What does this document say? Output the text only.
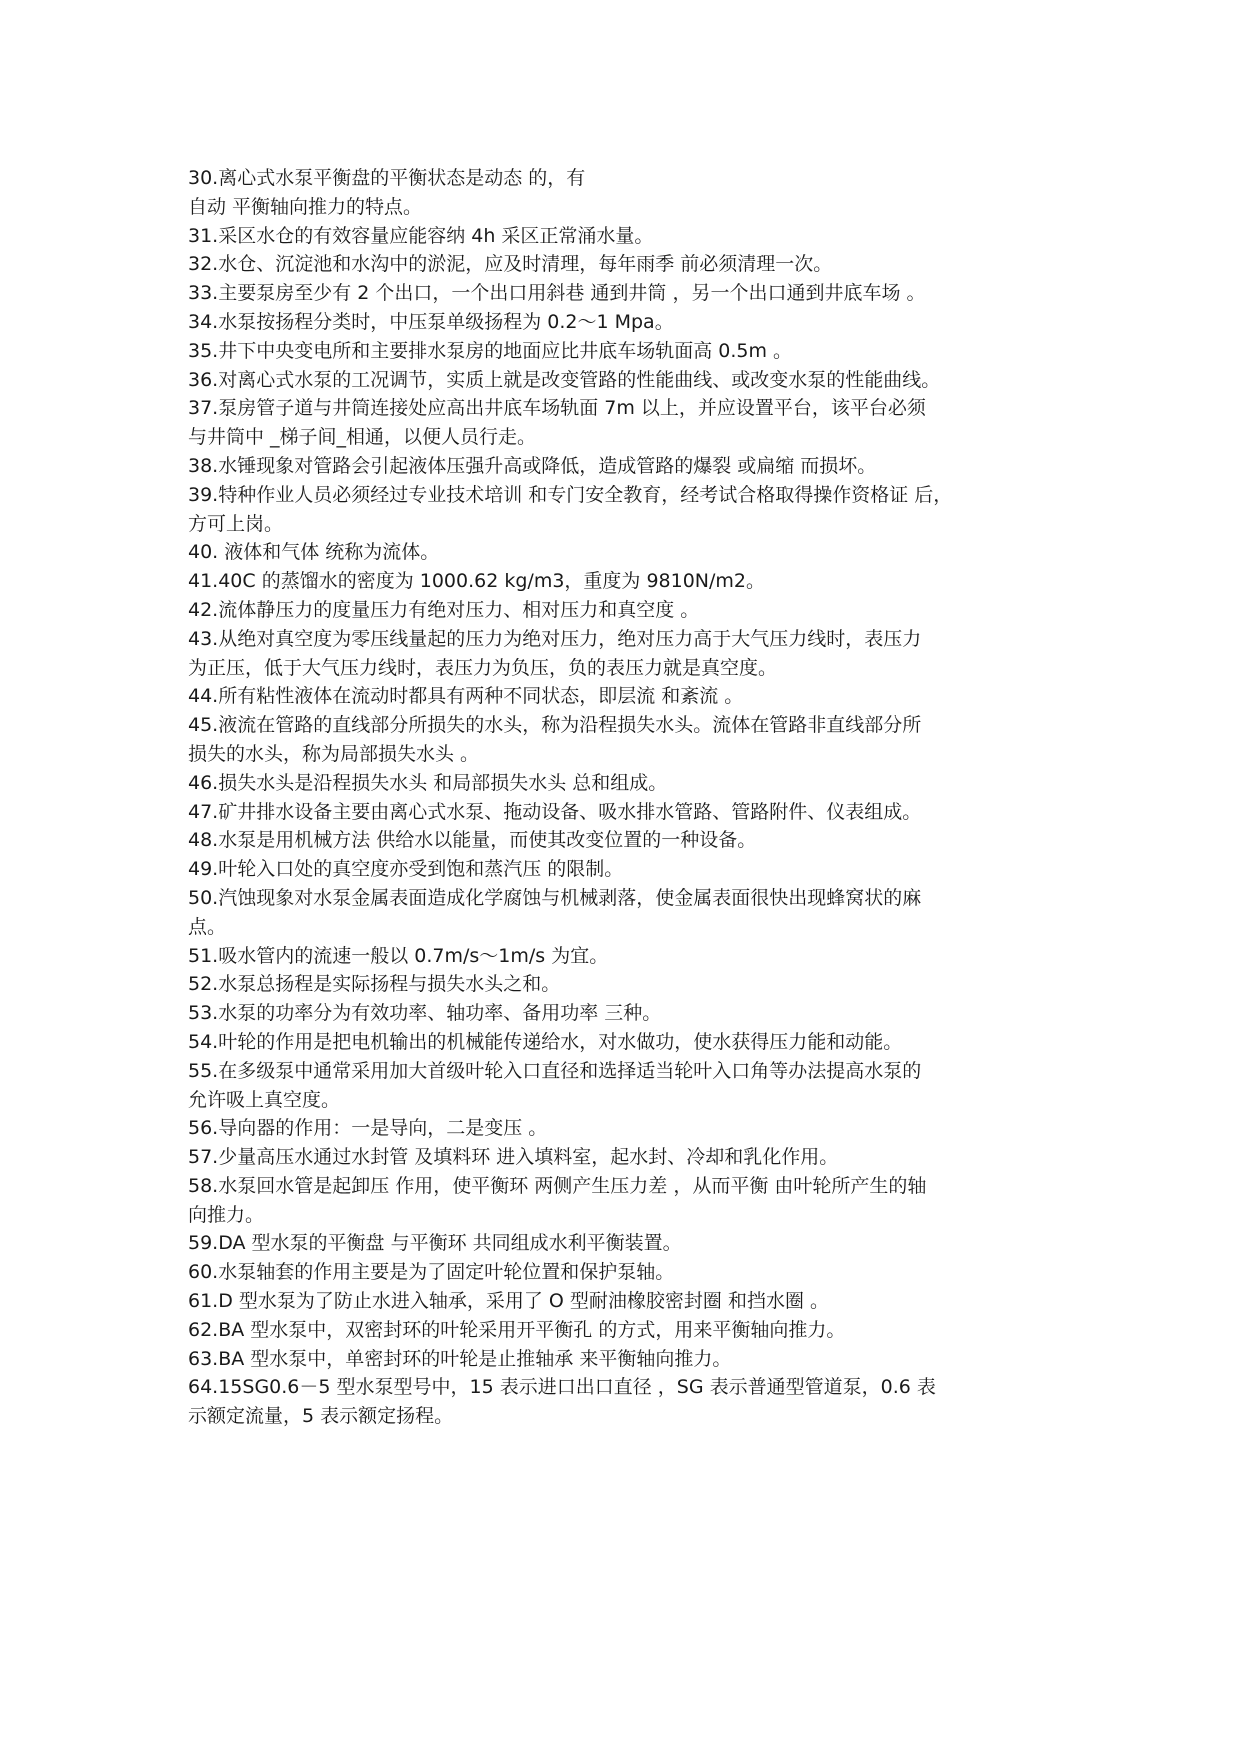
30.离心式水泵平衡盘的平衡状态是动态 的，有
自动 平衡轴向推力的特点。
31.采区水仓的有效容量应能容纳 4h 采区正常涌水量。
32.水仓、沉淀池和水沟中的淤泥，应及时清理，每年雨季 前必须清理一次。
33.主要泵房至少有 2 个出口，一个出口用斜巷 通到井筒 ，另一个出口通到井底车场 。
34.水泵按扬程分类时，中压泵单级扬程为 0.2～1 Mpa。
35.井下中央变电所和主要排水泵房的地面应比井底车场轨面高 0.5m 。
36.对离心式水泵的工况调节，实质上就是改变管路的性能曲线、或改变水泵的性能曲线。
37.泵房管子道与井筒连接处应高出井底车场轨面 7m 以上，并应设置平台，该平台必须
与井筒中 _梯子间_相通，以便人员行走。
38.水锤现象对管路会引起液体压强升高或降低，造成管路的爆裂 或扁缩 而损坏。
39.特种作业人员必须经过专业技术培训 和专门安全教育，经考试合格取得操作资格证 后，
方可上岗。
40. 液体和气体 统称为流体。
41.40C 的蒸馏水的密度为 1000.62 kg/m3，重度为 9810N/m2。
42.流体静压力的度量压力有绝对压力、相对压力和真空度 。
43.从绝对真空度为零压线量起的压力为绝对压力，绝对压力高于大气压力线时，表压力
为正压，低于大气压力线时，表压力为负压，负的表压力就是真空度。
44.所有粘性液体在流动时都具有两种不同状态，即层流 和紊流 。
45.液流在管路的直线部分所损失的水头，称为沿程损失水头。流体在管路非直线部分所
损失的水头，称为局部损失水头 。
46.损失水头是沿程损失水头 和局部损失水头 总和组成。
47.矿井排水设备主要由离心式水泵、拖动设备、吸水排水管路、管路附件、仪表组成。
48.水泵是用机械方法 供给水以能量，而使其改变位置的一种设备。
49.叶轮入口处的真空度亦受到饱和蒸汽压 的限制。
50.汽蚀现象对水泵金属表面造成化学腐蚀与机械剥落，使金属表面很快出现蜂窝状的麻
点。
51.吸水管内的流速一般以 0.7m/s～1m/s 为宜。
52.水泵总扬程是实际扬程与损失水头之和。
53.水泵的功率分为有效功率、轴功率、备用功率 三种。
54.叶轮的作用是把电机输出的机械能传递给水，对水做功，使水获得压力能和动能。
55.在多级泵中通常采用加大首级叶轮入口直径和选择适当轮叶入口角等办法提高水泵的
允许吸上真空度。
56.导向器的作用：一是导向，二是变压 。
57.少量高压水通过水封管 及填料环 进入填料室，起水封、冷却和乳化作用。
58.水泵回水管是起卸压 作用，使平衡环 两侧产生压力差 ，从而平衡 由叶轮所产生的轴
向推力。
59.DA 型水泵的平衡盘 与平衡环 共同组成水利平衡装置。
60.水泵轴套的作用主要是为了固定叶轮位置和保护泵轴。
61.D 型水泵为了防止水进入轴承，采用了 O 型耐油橡胶密封圈 和挡水圈 。
62.BA 型水泵中，双密封环的叶轮采用开平衡孔 的方式，用来平衡轴向推力。
63.BA 型水泵中，单密封环的叶轮是止推轴承 来平衡轴向推力。
64.15SG0.6－5 型水泵型号中，15 表示进口出口直径 ，SG 表示普通型管道泵，0.6 表
示额定流量，5 表示额定扬程。
